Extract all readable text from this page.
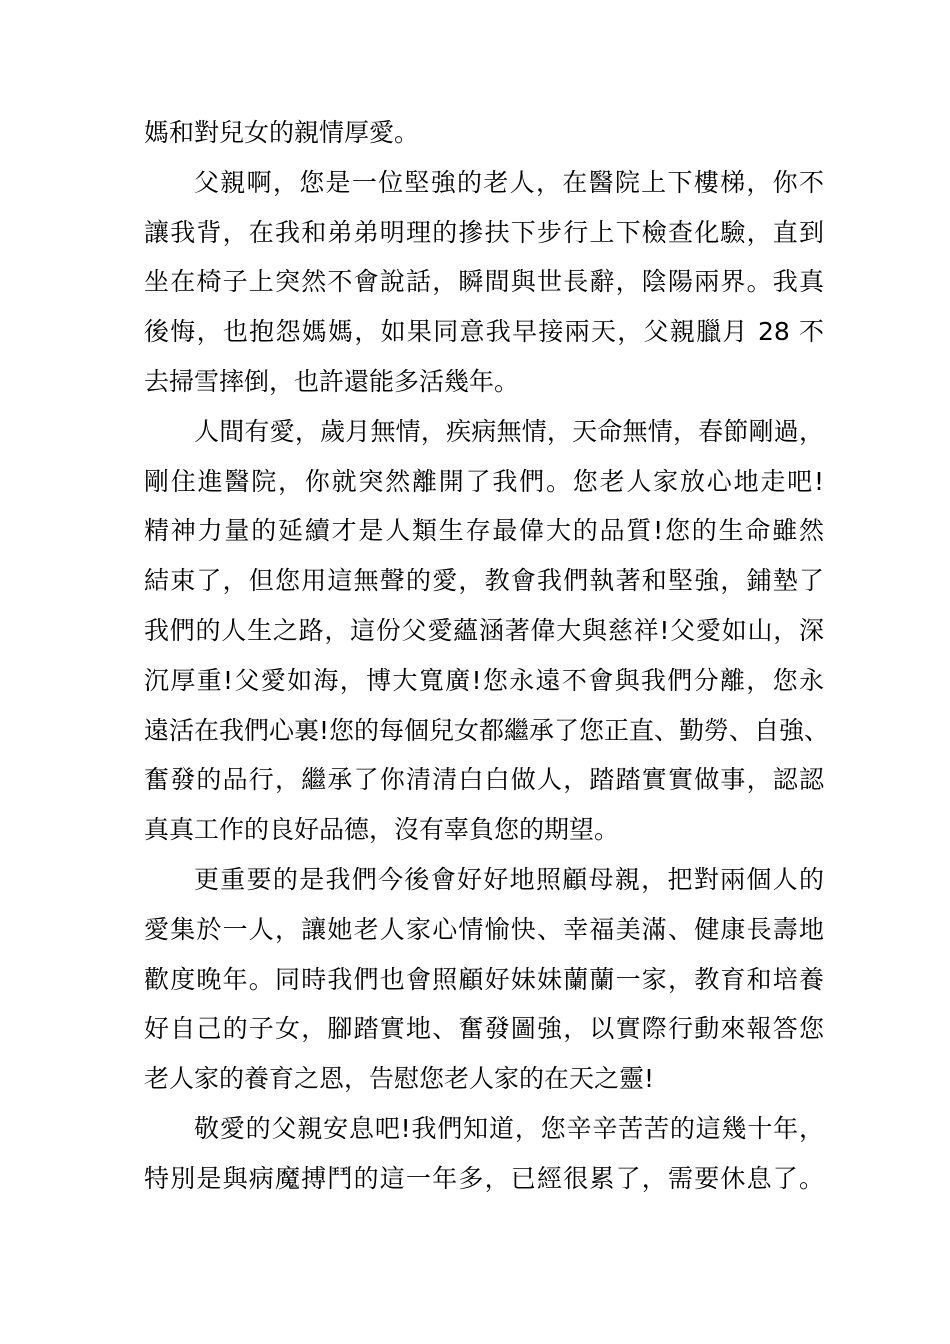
媽和對兒女的親情厚愛。
父親啊，您是一位堅強的老人，在醫院上下樓梯，你不
讓我背，在我和弟弟明理的摻扶下步行上下檢查化驗，直到
坐在椅子上突然不會說話，瞬間與世長辭，陰陽兩界。我真
後悔，也抱怨媽媽，如果同意我早接兩天，父親臘月 28 不
去掃雪摔倒，也許還能多活幾年。
人間有愛，歲月無情，疾病無情，天命無情，春節剛過，
剛住進醫院，你就突然離開了我們。您老人家放心地走吧!
精神力量的延續才是人類生存最偉大的品質!您的生命雖然
結束了，但您用這無聲的愛，教會我們執著和堅強，鋪墊了
我們的人生之路，這份父愛蘊涵著偉大與慈祥!父愛如山，深
沉厚重!父愛如海，博大寬廣!您永遠不會與我們分離，您永
遠活在我們心裏!您的每個兒女都繼承了您正直、勤勞、自強、
奮發的品行，繼承了你清清白白做人，踏踏實實做事，認認
真真工作的良好品德，沒有辜負您的期望。
更重要的是我們今後會好好地照顧母親，把對兩個人的
愛集於一人，讓她老人家心情愉快、幸福美滿、健康長壽地
歡度晚年。同時我們也會照顧好妹妹蘭蘭一家，教育和培養
好自己的子女，腳踏實地、奮發圖強，以實際行動來報答您
老人家的養育之恩，告慰您老人家的在天之靈!
敬愛的父親安息吧!我們知道，您辛辛苦苦的這幾十年，
特別是與病魔搏鬥的這一年多，已經很累了，需要休息了。
